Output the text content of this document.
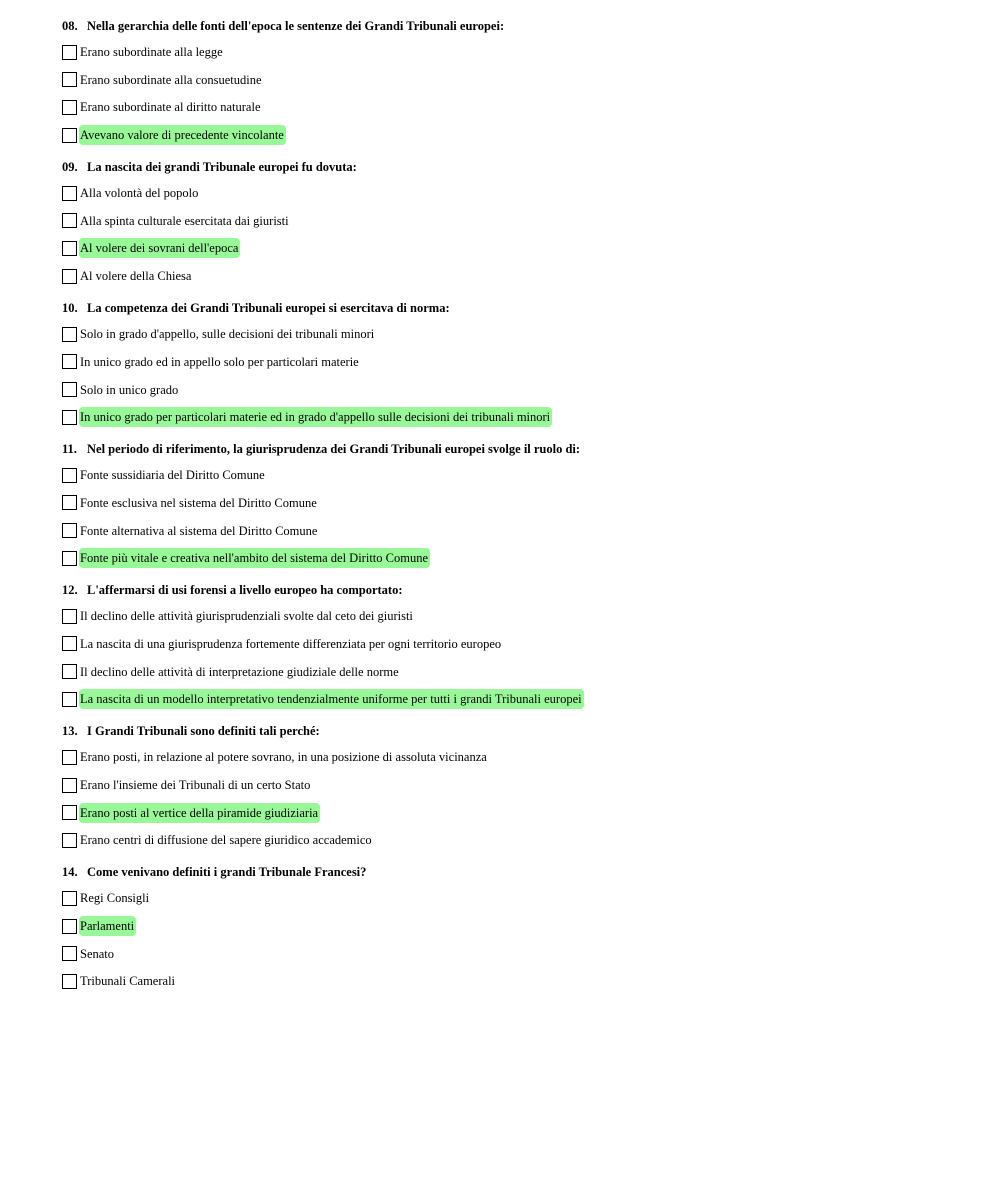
08. Nella gerarchia delle fonti dell'epoca le sentenze dei Grandi Tribunali europei:
Erano subordinate alla legge
Erano subordinate alla consuetudine
Erano subordinate al diritto naturale
Avevano valore di precedente vincolante
09. La nascita dei grandi Tribunale europei fu dovuta:
Alla volontà del popolo
Alla spinta culturale esercitata dai giuristi
Al volere dei sovrani dell'epoca
Al volere della Chiesa
10. La competenza dei Grandi Tribunali europei si esercitava di norma:
Solo in grado d'appello, sulle decisioni dei tribunali minori
In unico grado ed in appello solo per particolari materie
Solo in unico grado
In unico grado per particolari materie ed in grado d'appello sulle decisioni dei tribunali minori
11. Nel periodo di riferimento, la giurisprudenza dei Grandi Tribunali europei svolge il ruolo di:
Fonte sussidiaria del Diritto Comune
Fonte esclusiva nel sistema del Diritto Comune
Fonte alternativa al sistema del Diritto Comune
Fonte più vitale e creativa nell'ambito del sistema del Diritto Comune
12. L'affermarsi di usi forensi a livello europeo ha comportato:
Il declino delle attività giurisprudenziali svolte dal ceto dei giuristi
La nascita di una giurisprudenza fortemente differenziata per ogni territorio europeo
Il declino delle attività di interpretazione giudiziale delle norme
La nascita di un modello interpretativo tendenzialmente uniforme per tutti i grandi Tribunali europei
13. I Grandi Tribunali sono definiti tali perché:
Erano posti, in relazione al potere sovrano, in una posizione di assoluta vicinanza
Erano l'insieme dei Tribunali di un certo Stato
Erano posti al vertice della piramide giudiziaria
Erano centri di diffusione del sapere giuridico accademico
14. Come venivano definiti i grandi Tribunale Francesi?
Regi Consigli
Parlamenti
Senato
Tribunali Camerali
